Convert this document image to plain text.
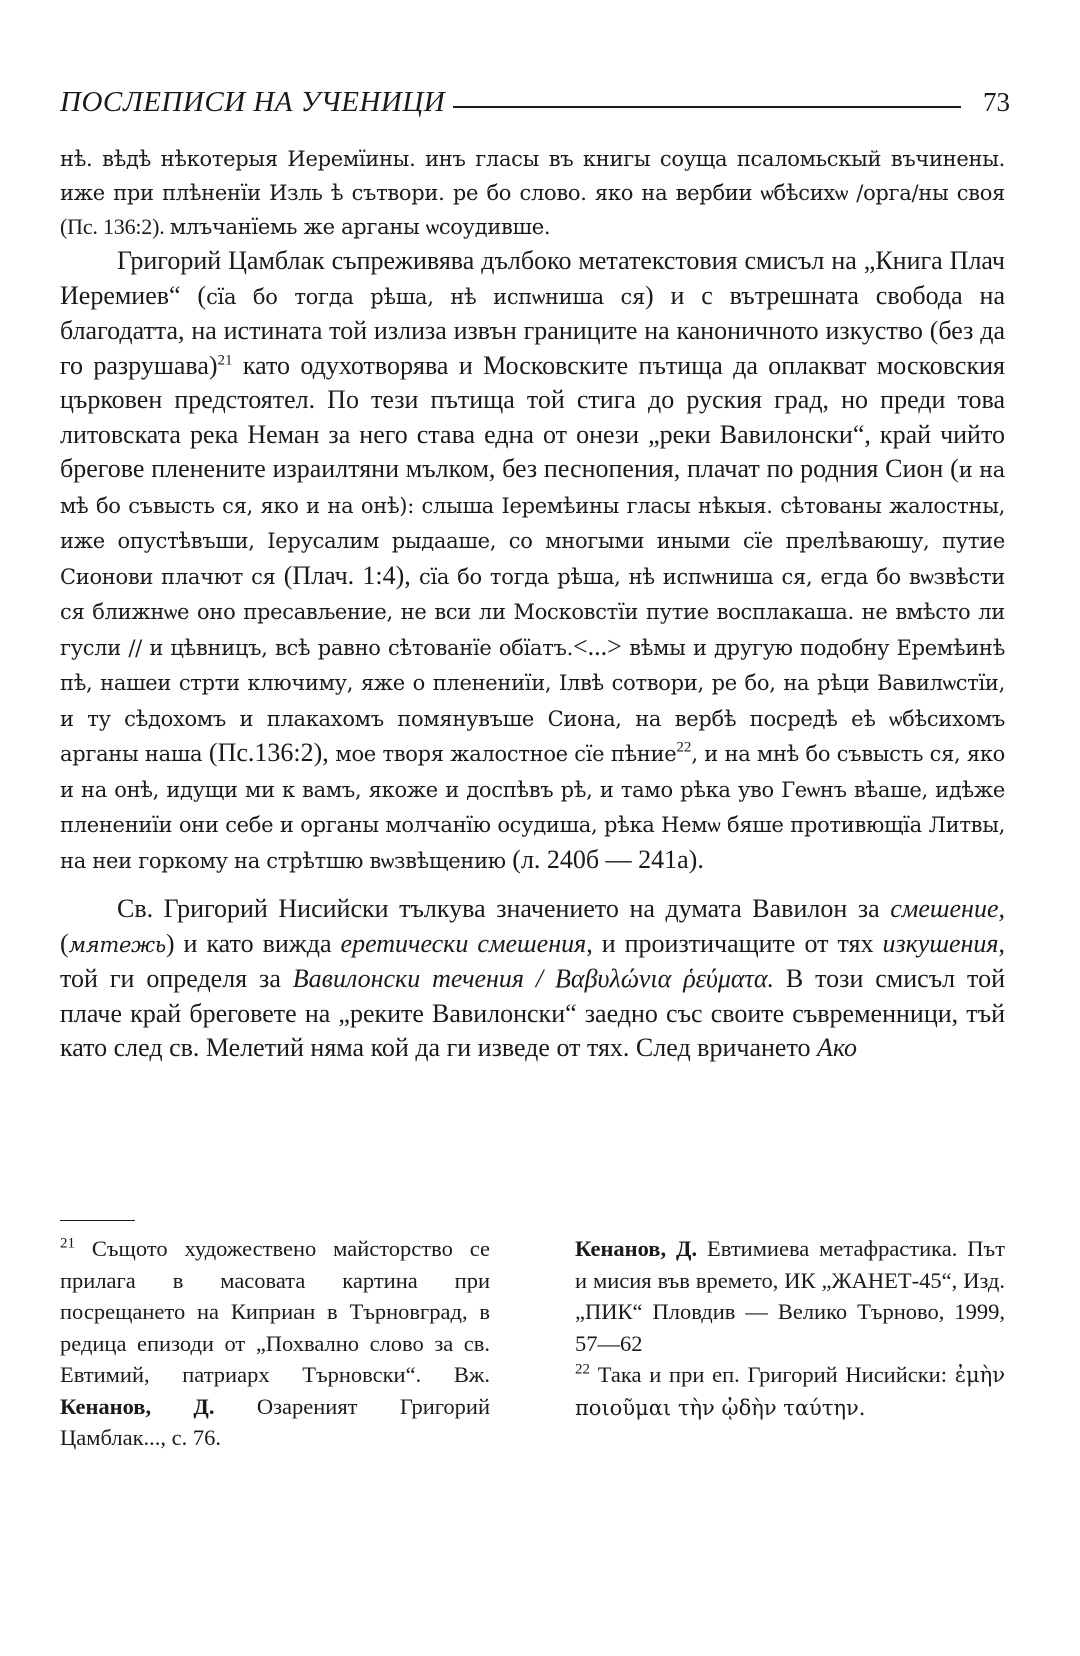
ПОСЛЕПИСИ НА УЧЕНИЦИ	73

нѣ. вѣдѣ нѣкотерыя Иеремїины. инъ гласы въ книгы соуща псаломьскый въчинены. иже при плѣненїи Изль ѣ сътвори. ре бо слово. яко на вербии ѡбѣсихѡ /орга/ны своя (Пс. 136:2). млъчанїемь же арганы ѡсоудивше.

Григорий Цамблак съпреживява дълбоко метатекстовия смисъл на „Книга Плач Иеремиев“ (сїа бо тогда рѣша, нѣ испѡниша ся) и с вътрешната свобода на благодатта, на истината той излиза извън границите на каноничното изкуство (без да го разрушава)$^{21}$ като одухотворява и Московските пътища да оплакват московския църковен предстоятел. По тези пътища той стига до руския град, но преди това литовската река Неман за него става една от онези „реки Вавилонски“, край чийто брегове пленените израилтяни мълком, без песнопения, плачат по родния Сион (и на мѣ бо съвысть ся, яко и на онѣ): слыша Іеремѣины гласы нѣкыя. сѣтованы жалостны, иже опустѣвъши, Іерусалим рыдааше, со многыми иными сїе прелѣваюшу, путие Сионови плачют ся (Плач. 1:4), сїа бо тогда рѣша, нѣ испѡниша ся, егда бо вѡзвѣсти ся ближнѡе оно пресављение, не вси ли Московстїи путие восплакаша. не вмѣсто ли гусли // и цѣвницъ, всѣ равно сѣтованїе обїатъ.<...> вѣмы и другую подобну Еремѣинѣ пѣ, нашеи стрти ключиму, яже о пленениїи, Ілвѣ сотвори, ре бо, на рѣци Вавилѡстїи, и ту сѣдохомъ и плакахомъ помянувъше Сиона, на вербѣ посредѣ еѣ ѡбѣсихомъ арганы наша (Пс.136:2), мое творя жалостное сїе пѣние$^{22}$, и на мнѣ бо съвысть ся, яко и на онѣ, идущи ми к вамъ, якоже и доспѣвъ рѣ, и тамо рѣка уво Геѡнъ вѣаше, идѣже пленениїи они себе и органы молчанїю осудиша, рѣка Немѡ бяше противющїа Литвы, на неи горкому на стрѣтшю вѡзвѣщению (л. 240б — 241а).

Св. Григорий Нисийски тълкува значението на думата Вавилон за смешение, (мятежь) и като вижда еретически смешения, и произтичащите от тях изкушения, той ги определя за Вавилонски течения / Βαβυλώνια ῥεύματα. В този смисъл той плаче край бреговете на „реките Вавилонски“ заедно със своите съвременници, тъй като след св. Мелетий няма кой да ги изведе от тях. След вричането Ако

$^{21}$ Същото художествено майсторство се прилага в масовата картина при посрещането на Киприан в Търновград, в редица епизоди от „Похвално слово за св. Евтимий, патриарх Търновски“. Вж. Кенанов, Д. Озареният Григорий Цамблак..., с. 76.

Кенанов, Д. Евтимиева метафрастика. Път и мисия във времето, ИК „ЖАНЕТ-45“, Изд. „ПИК“ Пловдив — Велико Търново, 1999, 57—62

$^{22}$ Така и при еп. Григорий Нисийски: ἐμὴν ποιοῦμαι τὴν ᾠδὴν ταύτην.
